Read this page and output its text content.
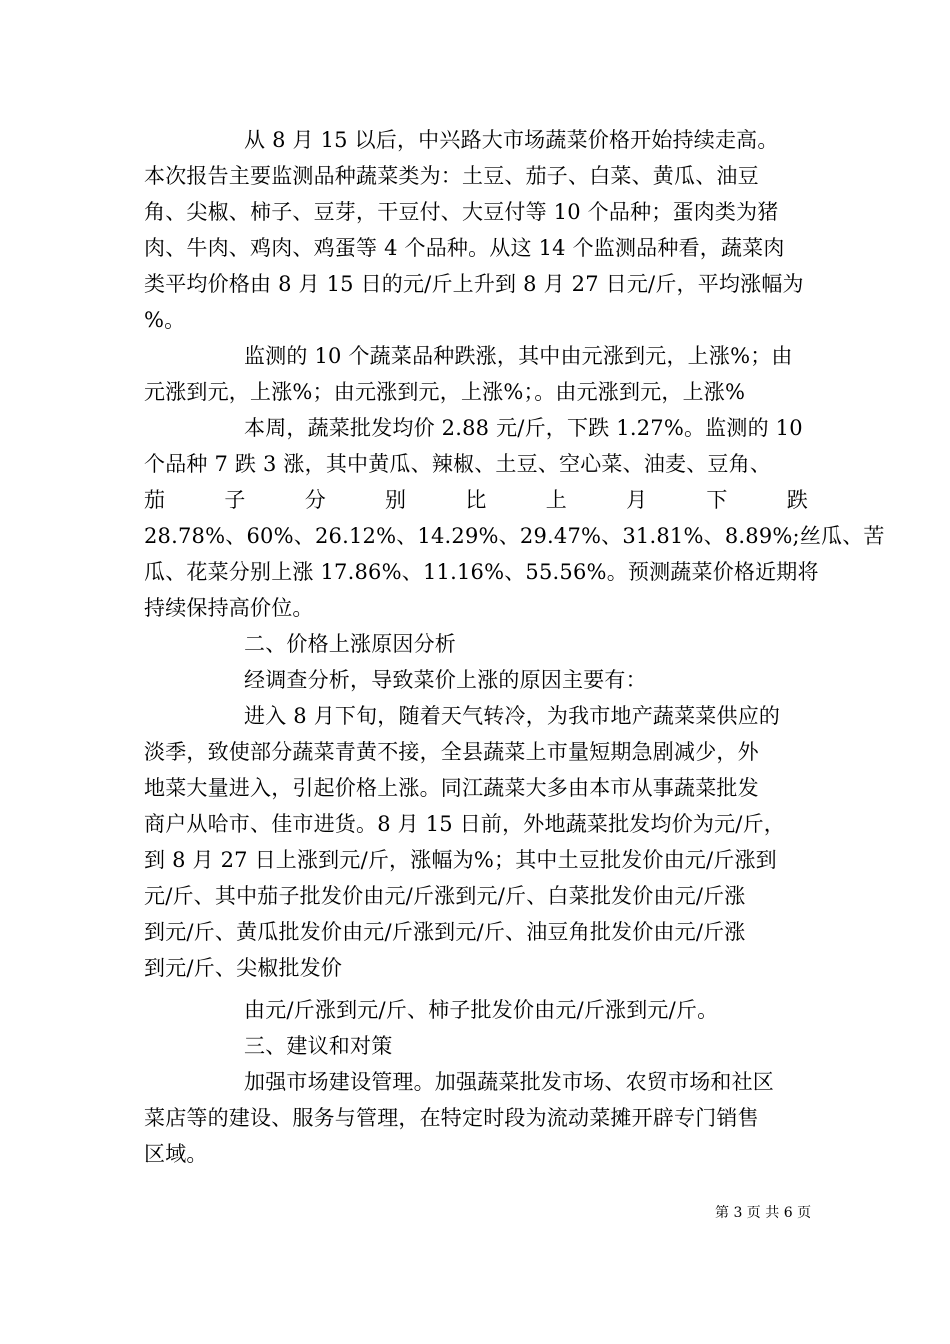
从 8 月 15 以后，中兴路大市场蔬菜价格开始持续走高。
本次报告主要监测品种蔬菜类为：土豆、茄子、白菜、黄瓜、油豆
角、尖椒、柿子、豆芽，干豆付、大豆付等 10 个品种；蛋肉类为猪
肉、牛肉、鸡肉、鸡蛋等 4 个品种。从这 14 个监测品种看，蔬菜肉
类平均价格由 8 月 15 日的元/斤上升到 8 月 27 日元/斤，平均涨幅为
%。
监测的 10 个蔬菜品种跌涨，其中由元涨到元，上涨%；由
元涨到元，上涨%；由元涨到元，上涨%；。由元涨到元，上涨%
本周，蔬菜批发均价 2.88 元/斤，下跌 1.27%。监测的 10
个品种 7 跌 3 涨，其中黄瓜、辣椒、土豆、空心菜、油麦、豆角、
茄	子	分	别	比	上	月	下	跌
28.78%、60%、26.12%、14.29%、29.47%、31.81%、8.89%;丝瓜、苦
瓜、花菜分别上涨 17.86%、11.16%、55.56%。预测蔬菜价格近期将
持续保持高价位。
二、价格上涨原因分析
经调查分析，导致菜价上涨的原因主要有：
进入 8 月下旬，随着天气转冷，为我市地产蔬菜菜供应的
淡季，致使部分蔬菜青黄不接，全县蔬菜上市量短期急剧减少，外
地菜大量进入，引起价格上涨。同江蔬菜大多由本市从事蔬菜批发
商户从哈市、佳市进货。8 月 15 日前，外地蔬菜批发均价为元/斤，
到 8 月 27 日上涨到元/斤，涨幅为%；其中土豆批发价由元/斤涨到
元/斤、其中茄子批发价由元/斤涨到元/斤、白菜批发价由元/斤涨
到元/斤、黄瓜批发价由元/斤涨到元/斤、油豆角批发价由元/斤涨
到元/斤、尖椒批发价
由元/斤涨到元/斤、柿子批发价由元/斤涨到元/斤。
三、建议和对策
加强市场建设管理。加强蔬菜批发市场、农贸市场和社区
菜店等的建设、服务与管理，在特定时段为流动菜摊开辟专门销售
区域。
第 3 页 共 6 页
